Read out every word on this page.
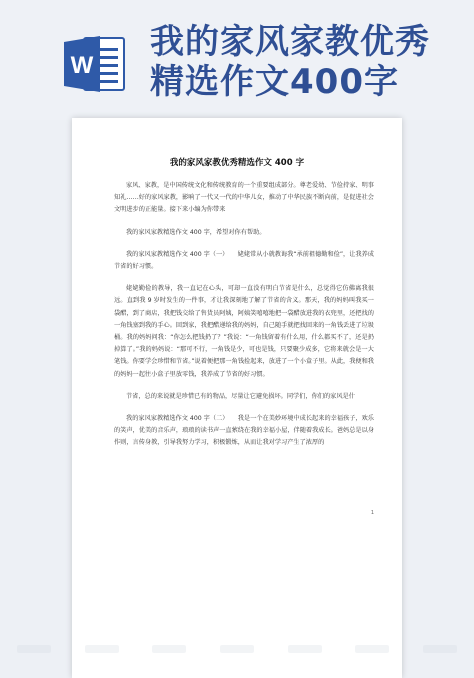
W
我的家风家教优秀
精选作文400字
我的家风家教优秀精选作文 400 字

家风、家教，是中国传统文化和传统教育的一个重要组成部分。尊老爱幼、节俭持家、明事知礼……好的家风家教，影响了一代又一代的中华儿女，推动了中华民族不断向前，是促进社会文明进步的正能量。接下来小编为你带来

我的家风家教精选作文 400 字，希望对你有帮助。

我的家风家教精选作文 400 字（一）　　姥姥常从小就教诲我“承前祖德勤和俭”，让我养成节省的好习惯。

姥姥勤俭的教导，我一直记在心头，可却一直没有明白节省是什么，总觉得它仿佛离我很远。直到我 9 岁时发生的一件事，才让我深刻地了解了节省的含义。那天，我的妈妈叫我买一袋醋，到了商店，我把钱交给了售货员阿姨，阿姨笑嘻嘻地把一袋醋放进我的衣兜里，还把找的一角钱塞到我的手心。回到家，我把醋递给我的妈妈，自己随手就把找回来的一角钱丢进了垃圾桶。我的妈妈问我：“你怎么把钱扔了？”我说：“一角钱留着有什么用，什么都买不了，还是扔掉算了。”我的妈妈说：“那可不行，一角钱是少，可也是钱，只要聚少成多，它将来就会是一大笔钱。你要学会珍惜和节省。”说着便把那一角钱捡起来，放进了一个小盒子里。从此，我便和我的妈妈一起往小盒子里放零钱，我养成了节省的好习惯。

节省，总的来说就是珍惜已有的物品，尽量让它避免损坏。同学们，你们的家风是什

我的家风家教精选作文 400 字（二）　　我是一个在美妙环境中成长起来的幸福孩子，欢乐的笑声，优美的音乐声，琅琅的读书声一直萦绕在我的幸福小屋，伴随着我成长。爸妈总是以身作则，言传身教，引导我努力学习，积极锻炼，从而让我对学习产生了浓厚的

1
